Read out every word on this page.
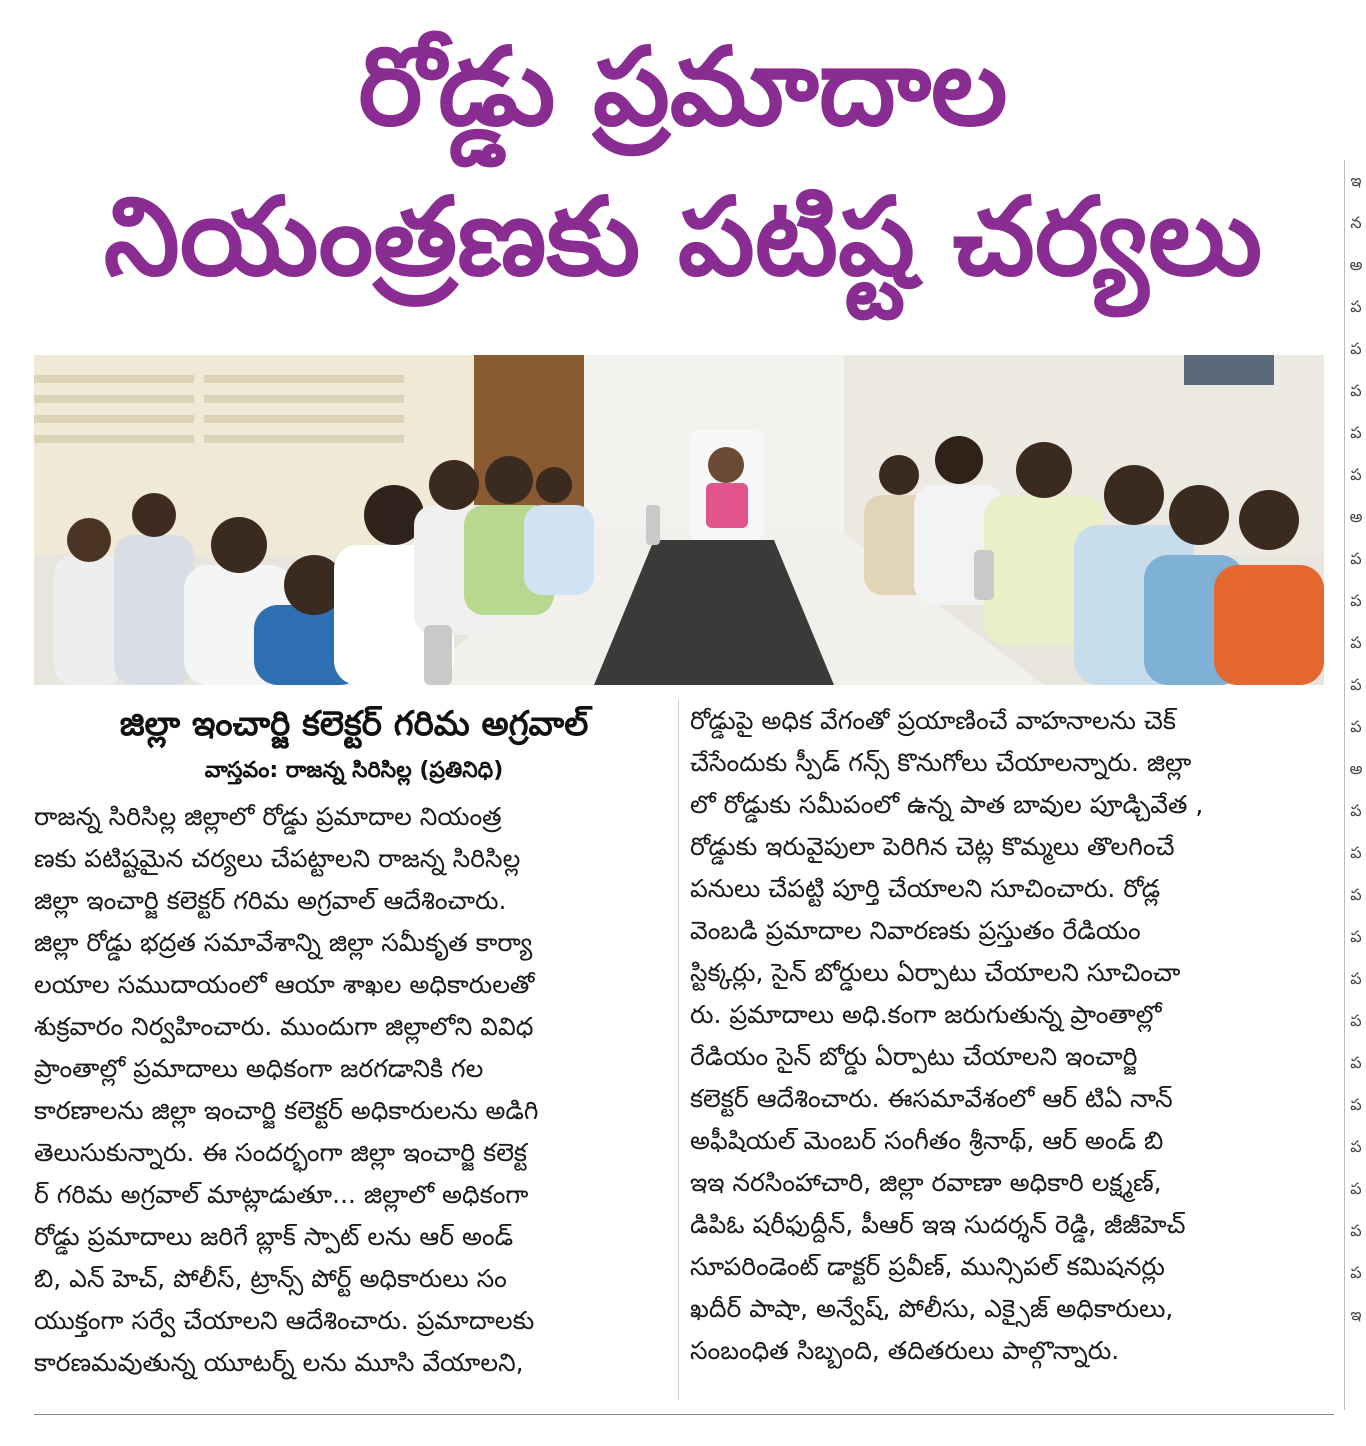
రోడ్డు ప్రమాదాల
నియంత్రణకు పటిష్ట చర్యలు
జిల్లా ఇంచార్జి కలెక్టర్ గరిమ అగ్రవాల్
వాస్తవం: రాజన్న సిరిసిల్ల (ప్రతినిధి)
రాజన్న సిరిసిల్ల జిల్లాలో రోడ్డు ప్రమాదాల నియంత్ర
ణకు పటిష్టమైన చర్యలు చేపట్టాలని రాజన్న సిరిసిల్ల
జిల్లా ఇంచార్జి కలెక్టర్ గరిమ అగ్రవాల్ ఆదేశించారు.
జిల్లా రోడ్డు భద్రత సమావేశాన్ని జిల్లా సమీకృత కార్యా
లయాల సముదాయంలో ఆయా శాఖల అధికారులతో
శుక్రవారం నిర్వహించారు. ముందుగా జిల్లాలోని వివిధ
ప్రాంతాల్లో ప్రమాదాలు అధికంగా జరగడానికి గల
కారణాలను జిల్లా ఇంచార్జి కలెక్టర్ అధికారులను అడిగి
తెలుసుకున్నారు. ఈ సందర్భంగా జిల్లా ఇంచార్జి కలెక్ట
ర్ గరిమ అగ్రవాల్ మాట్లాడుతూ... జిల్లాలో అధికంగా
రోడ్డు ప్రమాదాలు జరిగే బ్లాక్ స్పాట్ లను ఆర్ అండ్
బి, ఎన్ హెచ్, పోలీస్, ట్రాన్స్ పోర్ట్ అధికారులు సం
యుక్తంగా సర్వే చేయాలని ఆదేశించారు. ప్రమాదాలకు
కారణమవుతున్న యూటర్న్ లను మూసి వేయాలని,
రోడ్డుపై అధిక వేగంతో ప్రయాణించే వాహనాలను చెక్
చేసేందుకు స్పీడ్ గన్స్ కొనుగోలు చేయాలన్నారు. జిల్లా
లో రోడ్డుకు సమీపంలో ఉన్న పాత బావుల పూడ్చివేత ,
రోడ్డుకు ఇరువైపులా పెరిగిన చెట్ల కొమ్మలు తొలగించే
పనులు చేపట్టి పూర్తి చేయాలని సూచించారు. రోడ్ల
వెంబడి ప్రమాదాల నివారణకు ప్రస్తుతం రేడియం
స్టిక్కర్లు, సైన్ బోర్డులు ఏర్పాటు చేయాలని సూచించా
రు. ప్రమాదాలు అధి.కంగా జరుగుతున్న ప్రాంతాల్లో
రేడియం సైన్ బోర్డు ఏర్పాటు చేయాలని ఇంచార్జి
కలెక్టర్ ఆదేశించారు. ఈసమావేశంలో ఆర్ టిఏ నాన్
అఫీషియల్ మెంబర్ సంగీతం శ్రీనాథ్, ఆర్ అండ్ బి
ఇఇ నరసింహాచారి, జిల్లా రవాణా అధికారి లక్ష్మణ్,
డిపిఓ షరీఫుద్దీన్, పీఆర్ ఇఇ సుదర్శన్ రెడ్డి, జీజీహెచ్
సూపరిండెంట్ డాక్టర్ ప్రవీణ్, మున్సిపల్ కమిషనర్లు
ఖదీర్ పాషా, అన్వేష్, పోలీసు, ఎక్సైజ్ అధికారులు,
సంబంధిత సిబ్బంది, తదితరులు పాల్గొన్నారు.
ఇ
న
అ
ప
ప
ప
ప
ప
అ
ప
ప
ప
ప
ప
అ
ప
ప
ప
ప
ప
ప
ప
ప
ప
ప
ప
ప
ఇ
